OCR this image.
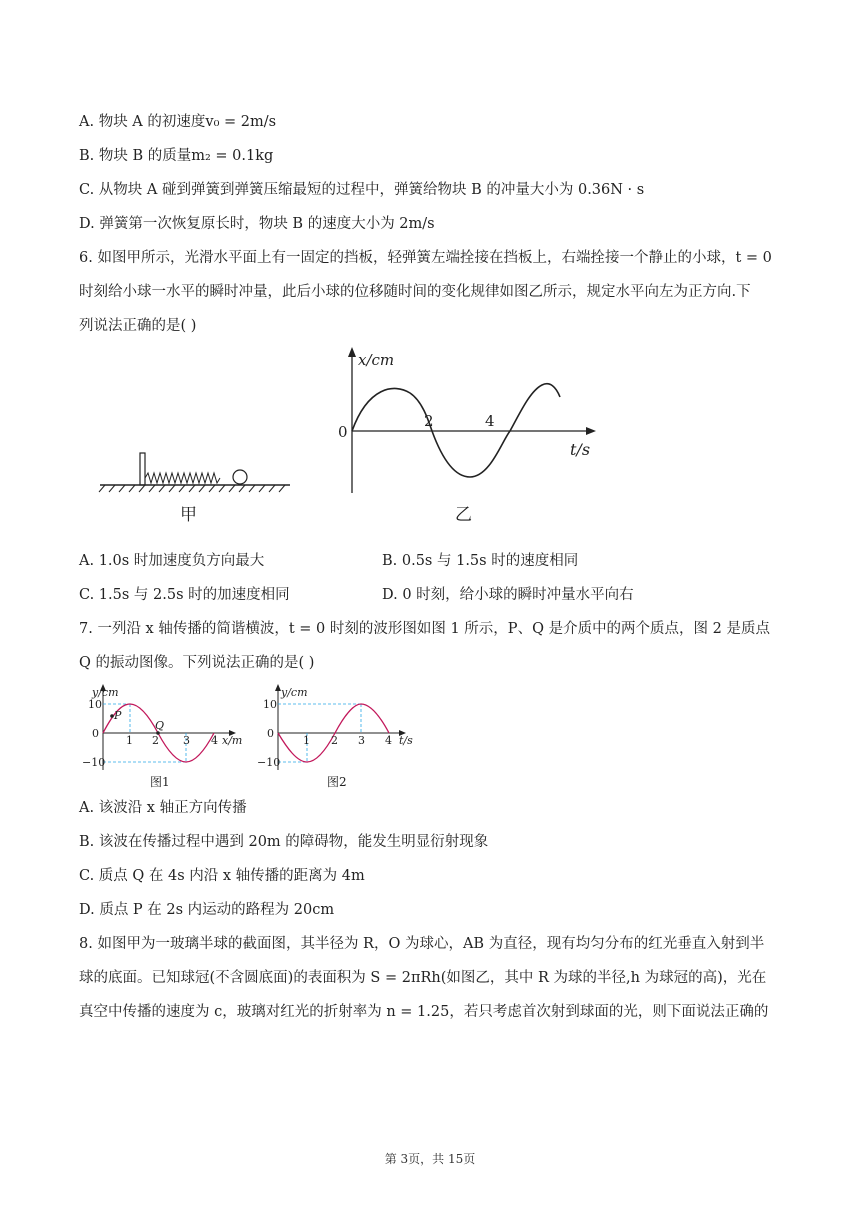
A. 物块 A 的初速度v₀ = 2m/s
B. 物块 B 的质量m₂ = 0.1kg
C. 从物块 A 碰到弹簧到弹簧压缩最短的过程中，弹簧给物块 B 的冲量大小为 0.36N · s
D. 弹簧第一次恢复原长时，物块 B 的速度大小为 2m/s
6. 如图甲所示，光滑水平面上有一固定的挡板，轻弹簧左端拴接在挡板上，右端拴接一个静止的小球，t = 0
时刻给小球一水平的瞬时冲量，此后小球的位移随时间的变化规律如图乙所示，规定水平向左为正方向.下
列说法正确的是( )
甲
x/cm
0
2	4
t/s
乙
A. 1.0s 时加速度负方向最大	B. 0.5s 与 1.5s 时的速度相同
C. 1.5s 与 2.5s 时的加速度相同	D. 0 时刻，给小球的瞬时冲量水平向右
7. 一列沿 x 轴传播的简谐横波，t = 0 时刻的波形图如图 1 所示，P、Q 是介质中的两个质点，图 2 是质点
Q 的振动图像。下列说法正确的是( )
y/cm
10
0
−10
P
Q
1 2 3 4 x/m
图1
y/cm
10
0
−10
1 2 3 4 t/s
图2
A. 该波沿 x 轴正方向传播
B. 该波在传播过程中遇到 20m 的障碍物，能发生明显衍射现象
C. 质点 Q 在 4s 内沿 x 轴传播的距离为 4m
D. 质点 P 在 2s 内运动的路程为 20cm
8. 如图甲为一玻璃半球的截面图，其半径为 R，O 为球心，AB 为直径，现有均匀分布的红光垂直入射到半
球的底面。已知球冠(不含圆底面)的表面积为 S = 2πRh(如图乙，其中 R 为球的半径,h 为球冠的高)，光在
真空中传播的速度为 c，玻璃对红光的折射率为 n = 1.25，若只考虑首次射到球面的光，则下面说法正确的
第 3页，共 15页
